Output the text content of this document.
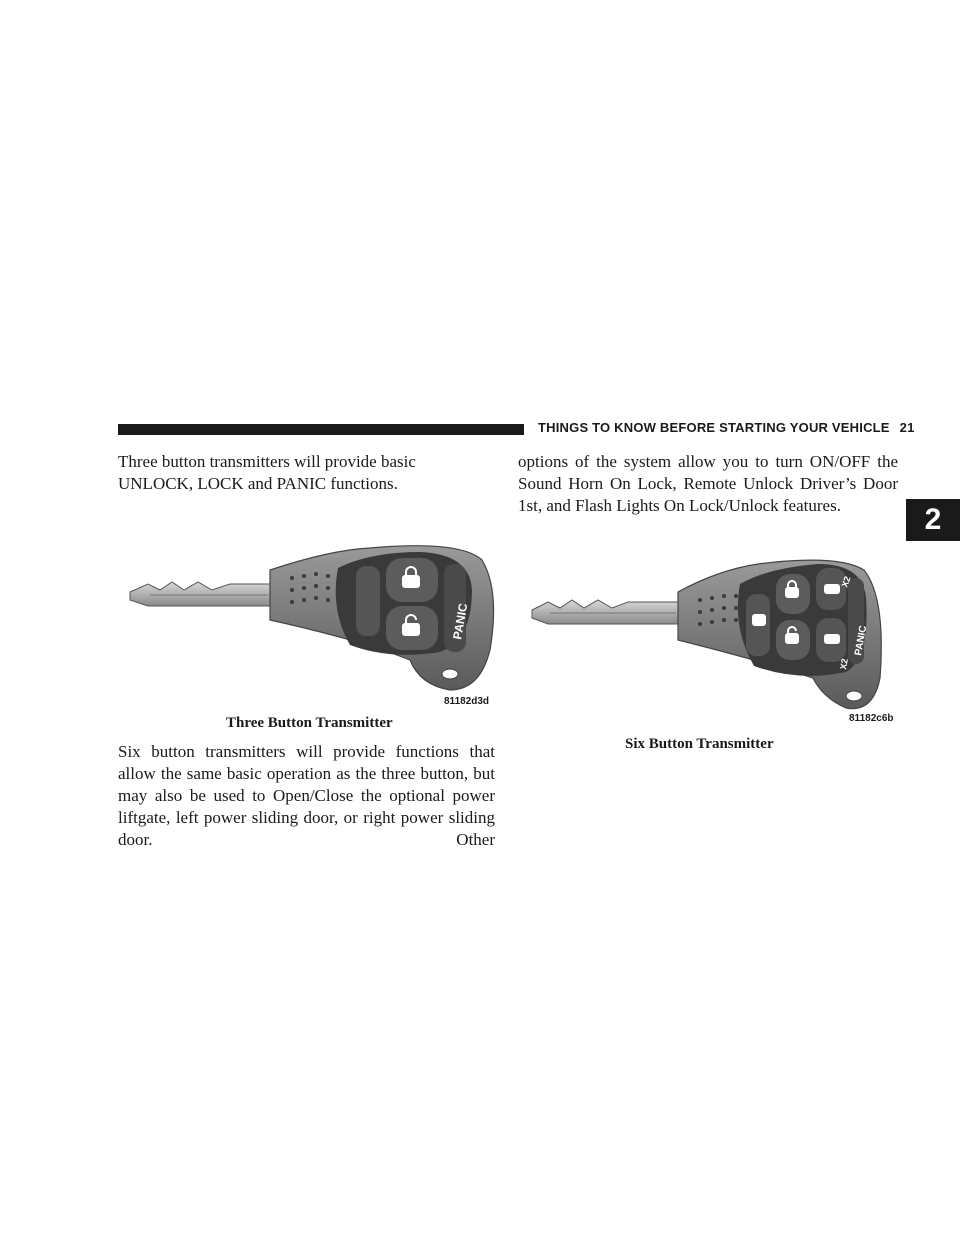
THINGS TO KNOW BEFORE STARTING YOUR VEHICLE 21
2

Three button transmitters will provide basic UNLOCK, LOCK and PANIC functions.

PANIC
81182d3d
Three Button Transmitter

Six button transmitters will provide functions that allow the same basic operation as the three button, but may also be used to Open/Close the optional power liftgate, left power sliding door, or right power sliding door. Other

options of the system allow you to turn ON/OFF the Sound Horn On Lock, Remote Unlock Driver’s Door 1st, and Flash Lights On Lock/Unlock features.

X2
X2
PANIC
81182c6b
Six Button Transmitter
